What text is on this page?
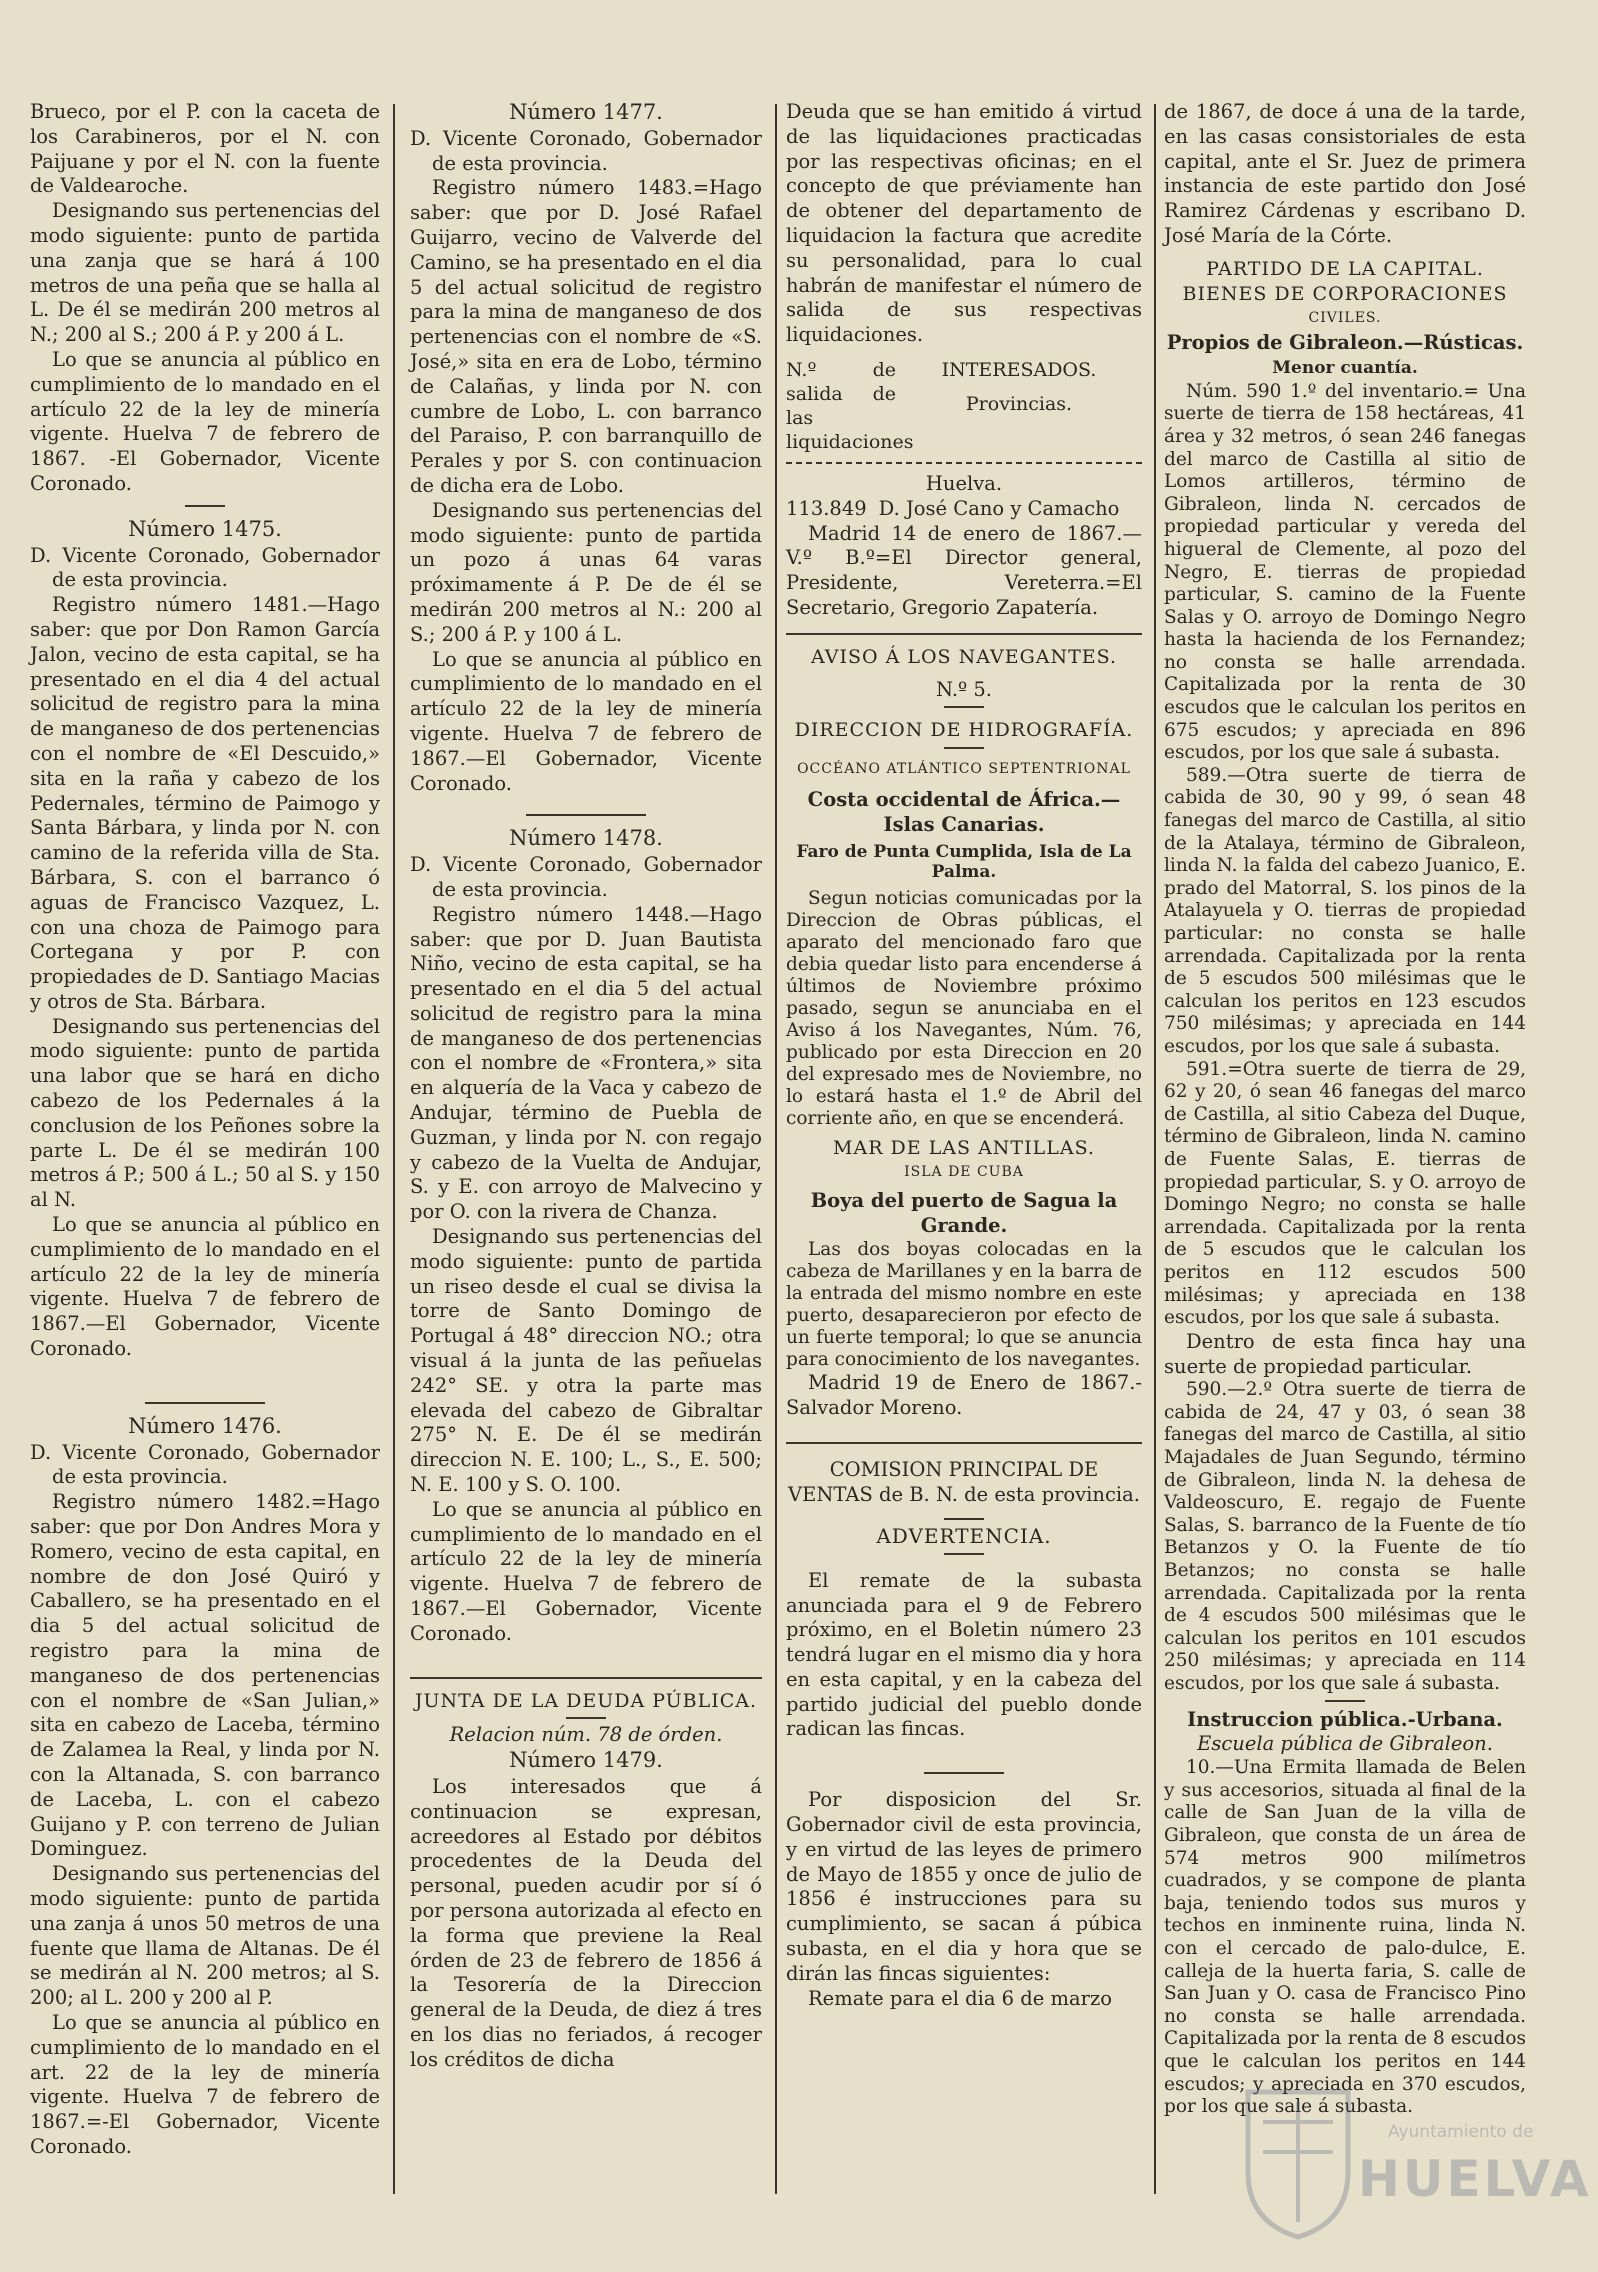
Brueco, por el P. con la caceta de los Carabineros, por el N. con Paijuane y por el N. con la fuente de Valdearoche.

Designando sus pertenencias del modo siguiente: punto de partida una zanja que se hará á 100 metros de una peña que se halla al L. De él se medirán 200 metros al N.; 200 al S.; 200 á P. y 200 á L.

Lo que se anuncia al público en cumplimiento de lo mandado en el artículo 22 de la ley de minería vigente. Huelva 7 de febrero de 1867. -El Gobernador, Vicente Coronado.

Número 1475.

D. Vicente Coronado, Gobernador de esta provincia.

Registro número 1481.—Hago saber: que por Don Ramon García Jalon, vecino de esta capital, se ha presentado en el dia 4 del actual solicitud de registro para la mina de manganeso de dos pertenencias con el nombre de «El Descuido,» sita en la raña y cabezo de los Pedernales, término de Paimogo y Santa Bárbara, y linda por N. con camino de la referida villa de Sta. Bárbara, S. con el barranco ó aguas de Francisco Vazquez, L. con una choza de Paimogo para Cortegana y por P. con propiedades de D. Santiago Macias y otros de Sta. Bárbara.

Designando sus pertenencias del modo siguiente: punto de partida una labor que se hará en dicho cabezo de los Pedernales á la conclusion de los Peñones sobre la parte L. De él se medirán 100 metros á P.; 500 á L.; 50 al S. y 150 al N.

Lo que se anuncia al público en cumplimiento de lo mandado en el artículo 22 de la ley de minería vigente. Huelva 7 de febrero de 1867.—El Gobernador, Vicente Coronado.

Número 1476.

D. Vicente Coronado, Gobernador de esta provincia.

Registro número 1482.=Hago saber: que por Don Andres Mora y Romero, vecino de esta capital, en nombre de don José Quiró y Caballero, se ha presentado en el dia 5 del actual solicitud de registro para la mina de manganeso de dos pertenencias con el nombre de «San Julian,» sita en cabezo de Laceba, término de Zalamea la Real, y linda por N. con la Altanada, S. con barranco de Laceba, L. con el cabezo Guijano y P. con terreno de Julian Dominguez.

Designando sus pertenencias del modo siguiente: punto de partida una zanja á unos 50 metros de una fuente que llama de Altanas. De él se medirán al N. 200 metros; al S. 200; al L. 200 y 200 al P.

Lo que se anuncia al público en cumplimiento de lo mandado en el art. 22 de la ley de minería vigente. Huelva 7 de febrero de 1867.=-El Gobernador, Vicente Coronado.

Número 1477.

D. Vicente Coronado, Gobernador de esta provincia.

Registro número 1483.=Hago saber: que por D. José Rafael Guijarro, vecino de Valverde del Camino, se ha presentado en el dia 5 del actual solicitud de registro para la mina de manganeso de dos pertenencias con el nombre de «S. José,» sita en era de Lobo, término de Calañas, y linda por N. con cumbre de Lobo, L. con barranco del Paraiso, P. con barranquillo de Perales y por S. con continuacion de dicha era de Lobo.

Designando sus pertenencias del modo siguiente: punto de partida un pozo á unas 64 varas próximamente á P. De de él se medirán 200 metros al N.: 200 al S.; 200 á P. y 100 á L.

Lo que se anuncia al público en cumplimiento de lo mandado en el artículo 22 de la ley de minería vigente. Huelva 7 de febrero de 1867.—El Gobernador, Vicente Coronado.

Número 1478.

D. Vicente Coronado, Gobernador de esta provincia.

Registro número 1448.—Hago saber: que por D. Juan Bautista Niño, vecino de esta capital, se ha presentado en el dia 5 del actual solicitud de registro para la mina de manganeso de dos pertenencias con el nombre de «Frontera,» sita en alquería de la Vaca y cabezo de Andujar, término de Puebla de Guzman, y linda por N. con regajo y cabezo de la Vuelta de Andujar, S. y E. con arroyo de Malvecino y por O. con la rivera de Chanza.

Designando sus pertenencias del modo siguiente: punto de partida un riseo desde el cual se divisa la torre de Santo Domingo de Portugal á 48° direccion NO.; otra visual á la junta de las peñuelas 242° SE. y otra la parte mas elevada del cabezo de Gibraltar 275° N. E. De él se medirán direccion N. E. 100; L., S., E. 500; N. E. 100 y S. O. 100.

Lo que se anuncia al público en cumplimiento de lo mandado en el artículo 22 de la ley de minería vigente. Huelva 7 de febrero de 1867.—El Gobernador, Vicente Coronado.

JUNTA DE LA DEUDA PÚBLICA.
Relacion núm. 78 de órden.
Número 1479.

Los interesados que á continuacion se expresan, acreedores al Estado por débitos procedentes de la Deuda del personal, pueden acudir por sí ó por persona autorizada al efecto en la forma que previene la Real órden de 23 de febrero de 1856 á la Tesorería de la Direccion general de la Deuda, de diez á tres en los dias no feriados, á recoger los créditos de dicha

Deuda que se han emitido á virtud de las liquidaciones practicadas por las respectivas oficinas; en el concepto de que préviamente han de obtener del departamento de liquidacion la factura que acredite su personalidad, para lo cual habrán de manifestar el número de salida de sus respectivas liquidaciones.

N.º de salida de las liquidaciones
INTERESADOS.
Provincias.
Huelva.
113.849 D. José Cano y Camacho

Madrid 14 de enero de 1867.—V.º B.º=El Director general, Presidente, Vereterra.=El Secretario, Gregorio Zapatería.

AVISO Á LOS NAVEGANTES.
N.º 5.
DIRECCION DE HIDROGRAFÍA.
OCCÉANO ATLÁNTICO SEPTENTRIONAL
Costa occidental de África.—Islas Canarias.
Faro de Punta Cumplida, Isla de La Palma.

Segun noticias comunicadas por la Direccion de Obras públicas, el aparato del mencionado faro que debia quedar listo para encenderse á últimos de Noviembre próximo pasado, segun se anunciaba en el Aviso á los Navegantes, Núm. 76, publicado por esta Direccion en 20 del expresado mes de Noviembre, no lo estará hasta el 1.º de Abril del corriente año, en que se encenderá.

MAR DE LAS ANTILLAS.
ISLA DE CUBA
Boya del puerto de Sagua la Grande.

Las dos boyas colocadas en la cabeza de Marillanes y en la barra de la entrada del mismo nombre en este puerto, desaparecieron por efecto de un fuerte temporal; lo que se anuncia para conocimiento de los navegantes.

Madrid 19 de Enero de 1867.-Salvador Moreno.

COMISION PRINCIPAL DE VENTAS de B. N. de esta provincia.
ADVERTENCIA.

El remate de la subasta anunciada para el 9 de Febrero próximo, en el Boletin número 23 tendrá lugar en el mismo dia y hora en esta capital, y en la cabeza del partido judicial del pueblo donde radican las fincas.

Por disposicion del Sr. Gobernador civil de esta provincia, y en virtud de las leyes de primero de Mayo de 1855 y once de julio de 1856 é instrucciones para su cumplimiento, se sacan á púbica subasta, en el dia y hora que se dirán las fincas siguientes:

Remate para el dia 6 de marzo

de 1867, de doce á una de la tarde, en las casas consistoriales de esta capital, ante el Sr. Juez de primera instancia de este partido don José Ramirez Cárdenas y escribano D. José María de la Córte.

PARTIDO DE LA CAPITAL.
BIENES DE CORPORACIONES
CIVILES.
Propios de Gibraleon.—Rústicas.
Menor cuantía.

Núm. 590 1.º del inventario.= Una suerte de tierra de 158 hectáreas, 41 área y 32 metros, ó sean 246 fanegas del marco de Castilla al sitio de Lomos artilleros, término de Gibraleon, linda N. cercados de propiedad particular y vereda del higueral de Clemente, al pozo del Negro, E. tierras de propiedad particular, S. camino de la Fuente Salas y O. arroyo de Domingo Negro hasta la hacienda de los Fernandez; no consta se halle arrendada. Capitalizada por la renta de 30 escudos que le calculan los peritos en 675 escudos; y apreciada en 896 escudos, por los que sale á subasta.

589.—Otra suerte de tierra de cabida de 30, 90 y 99, ó sean 48 fanegas del marco de Castilla, al sitio de la Atalaya, término de Gibraleon, linda N. la falda del cabezo Juanico, E. prado del Matorral, S. los pinos de la Atalayuela y O. tierras de propiedad particular: no consta se halle arrendada. Capitalizada por la renta de 5 escudos 500 milésimas que le calculan los peritos en 123 escudos 750 milésimas; y apreciada en 144 escudos, por los que sale á subasta.

591.=Otra suerte de tierra de 29, 62 y 20, ó sean 46 fanegas del marco de Castilla, al sitio Cabeza del Duque, término de Gibraleon, linda N. camino de Fuente Salas, E. tierras de propiedad particular, S. y O. arroyo de Domingo Negro; no consta se halle arrendada. Capitalizada por la renta de 5 escudos que le calculan los peritos en 112 escudos 500 milésimas; y apreciada en 138 escudos, por los que sale á subasta.

Dentro de esta finca hay una suerte de propiedad particular.

590.—2.º Otra suerte de tierra de cabida de 24, 47 y 03, ó sean 38 fanegas del marco de Castilla, al sitio Majadales de Juan Segundo, término de Gibraleon, linda N. la dehesa de Valdeoscuro, E. regajo de Fuente Salas, S. barranco de la Fuente de tío Betanzos y O. la Fuente de tío Betanzos; no consta se halle arrendada. Capitalizada por la renta de 4 escudos 500 milésimas que le calculan los peritos en 101 escudos 250 milésimas; y apreciada en 114 escudos, por los que sale á subasta.

Instruccion pública.-Urbana.
Escuela pública de Gibraleon.

10.—Una Ermita llamada de Belen y sus accesorios, situada al final de la calle de San Juan de la villa de Gibraleon, que consta de un área de 574 metros 900 milímetros cuadrados, y se compone de planta baja, teniendo todos sus muros y techos en inminente ruina, linda N. con el cercado de palo-dulce, E. calleja de la huerta faria, S. calle de San Juan y O. casa de Francisco Pino no consta se halle arrendada. Capitalizada por la renta de 8 escudos que le calculan los peritos en 144 escudos; y apreciada en 370 escudos, por los que sale á subasta.

Ayuntamiento de
HUELVA
